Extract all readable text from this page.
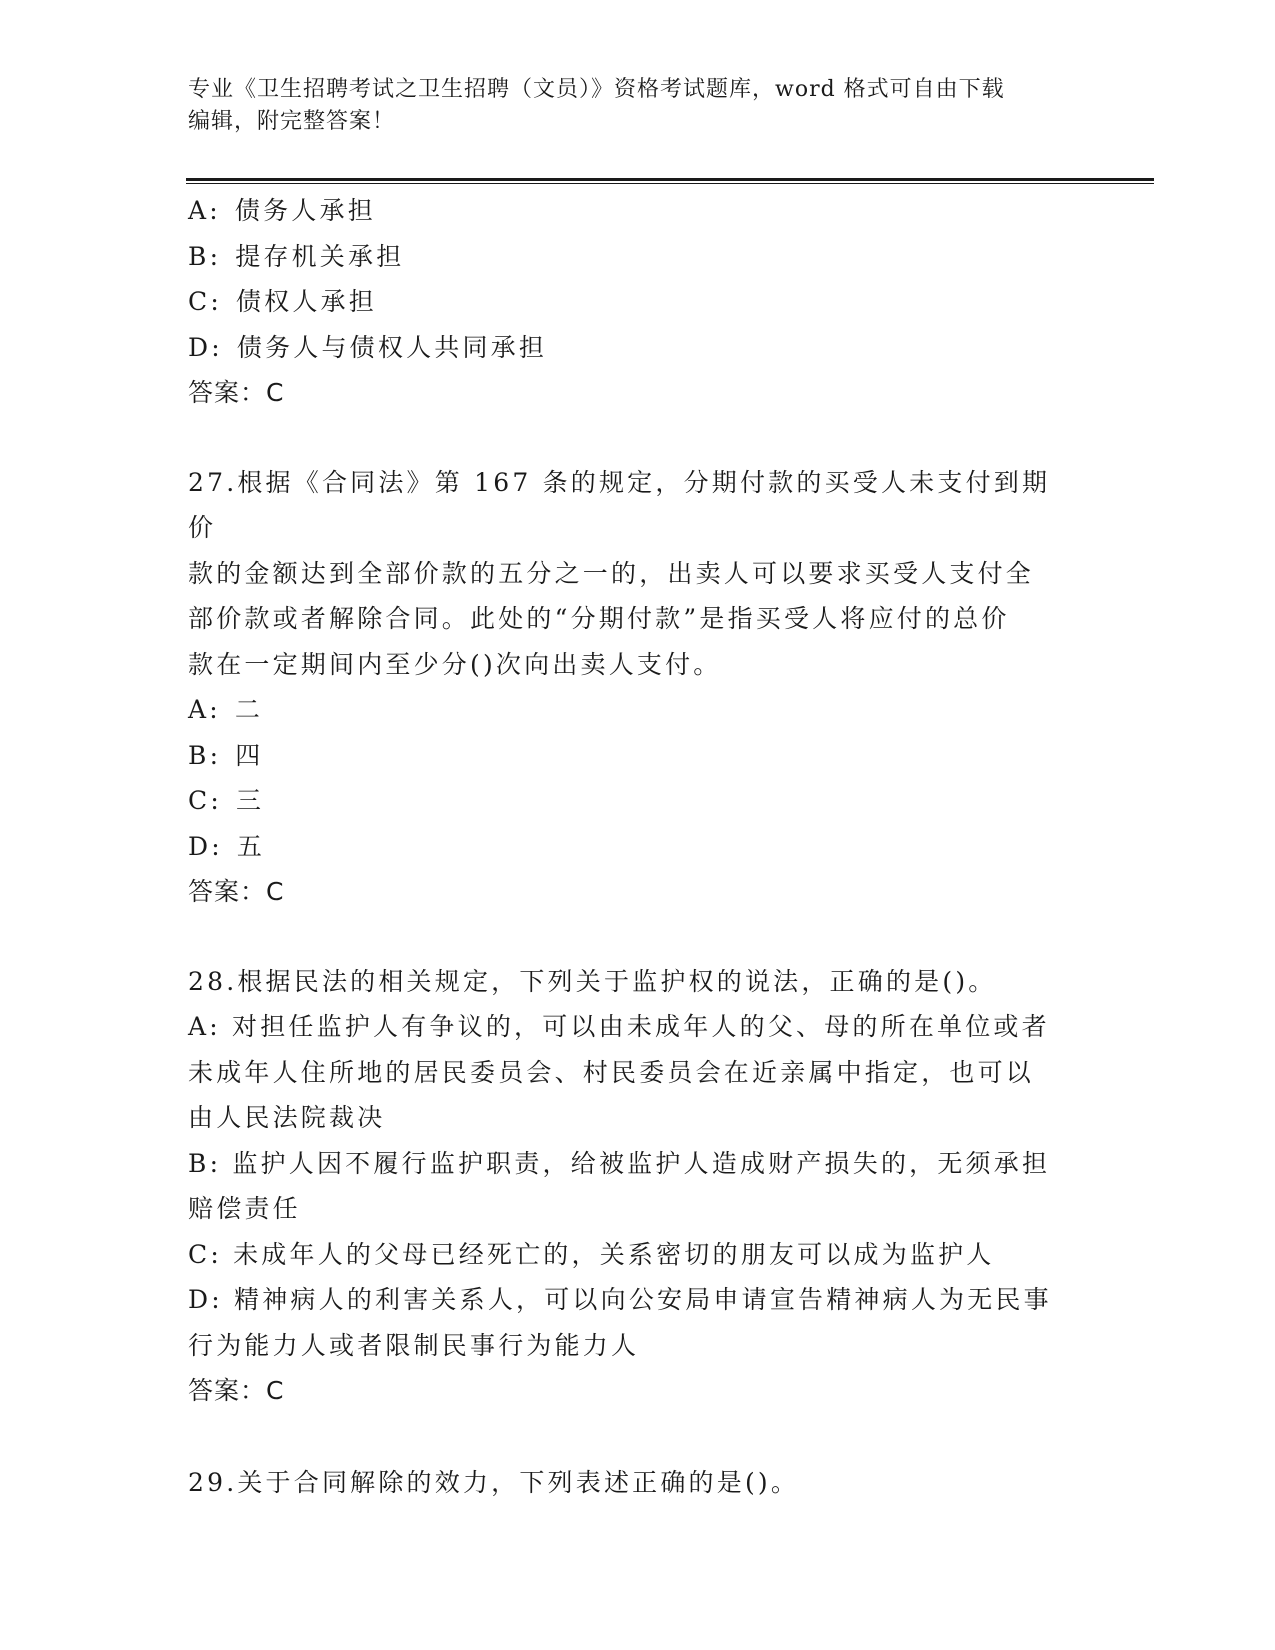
专业《卫生招聘考试之卫生招聘（文员）》资格考试题库，word 格式可自由下载
编辑，附完整答案！
A: 债务人承担
B: 提存机关承担
C: 债权人承担
D: 债务人与债权人共同承担
答案：C
27.根据《合同法》第 167 条的规定，分期付款的买受人未支付到期价
款的金额达到全部价款的五分之一的，出卖人可以要求买受人支付全
部价款或者解除合同。此处的“分期付款”是指买受人将应付的总价
款在一定期间内至少分()次向出卖人支付。
A: 二
B: 四
C: 三
D: 五
答案：C
28.根据民法的相关规定，下列关于监护权的说法，正确的是()。
A: 对担任监护人有争议的，可以由未成年人的父、母的所在单位或者
未成年人住所地的居民委员会、村民委员会在近亲属中指定，也可以
由人民法院裁决
B: 监护人因不履行监护职责，给被监护人造成财产损失的，无须承担
赔偿责任
C: 未成年人的父母已经死亡的，关系密切的朋友可以成为监护人
D: 精神病人的利害关系人，可以向公安局申请宣告精神病人为无民事
行为能力人或者限制民事行为能力人
答案：C
29.关于合同解除的效力，下列表述正确的是()。
